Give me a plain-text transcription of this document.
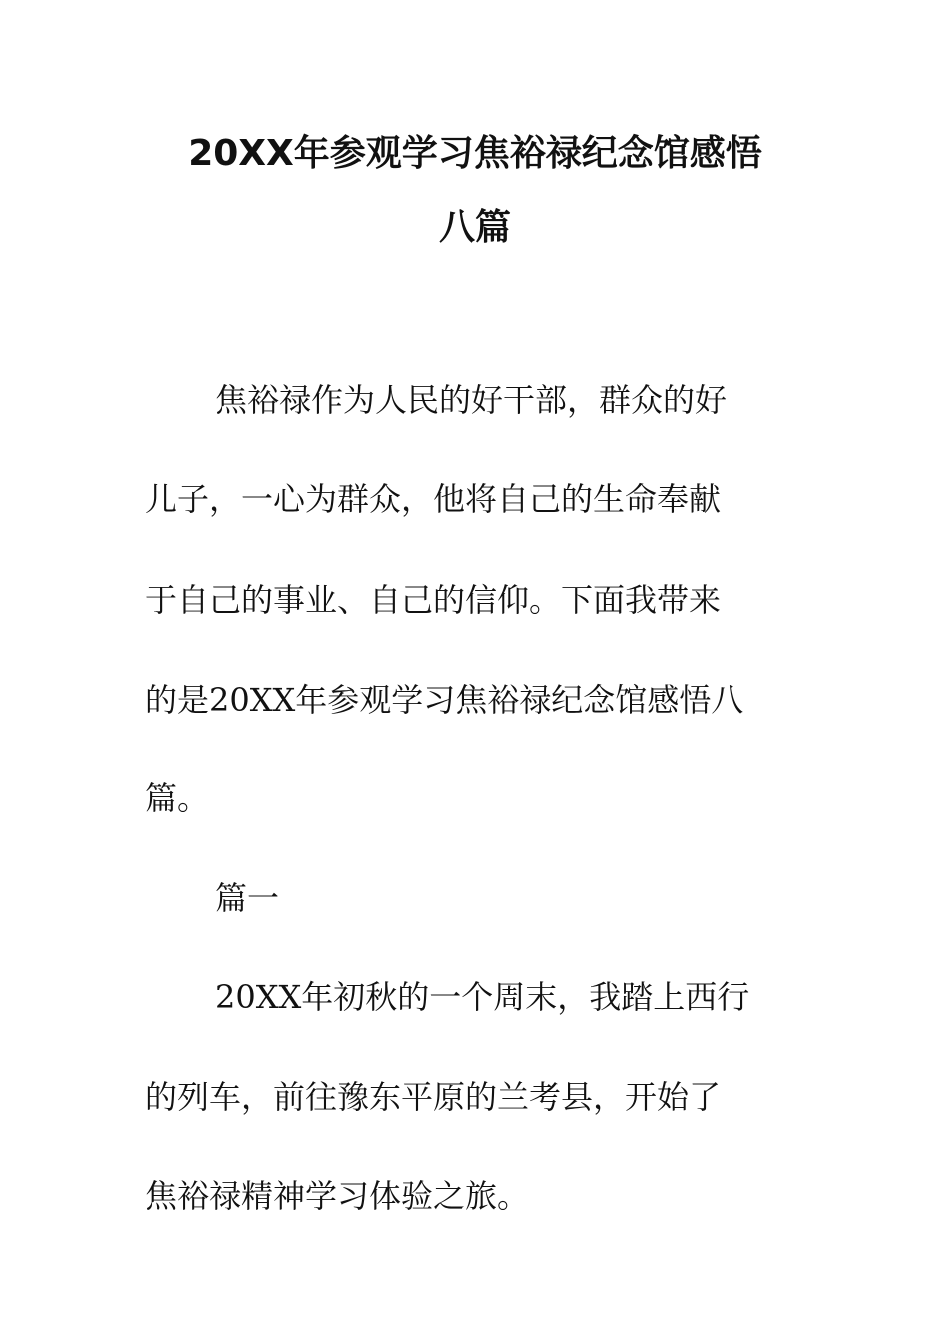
20XX年参观学习焦裕禄纪念馆感悟
八篇
焦裕禄作为人民的好干部，群众的好
儿子，一心为群众，他将自己的生命奉献
于自己的事业、自己的信仰。下面我带来
的是20XX年参观学习焦裕禄纪念馆感悟八
篇。
篇一
20XX年初秋的一个周末，我踏上西行
的列车，前往豫东平原的兰考县，开始了
焦裕禄精神学习体验之旅。
